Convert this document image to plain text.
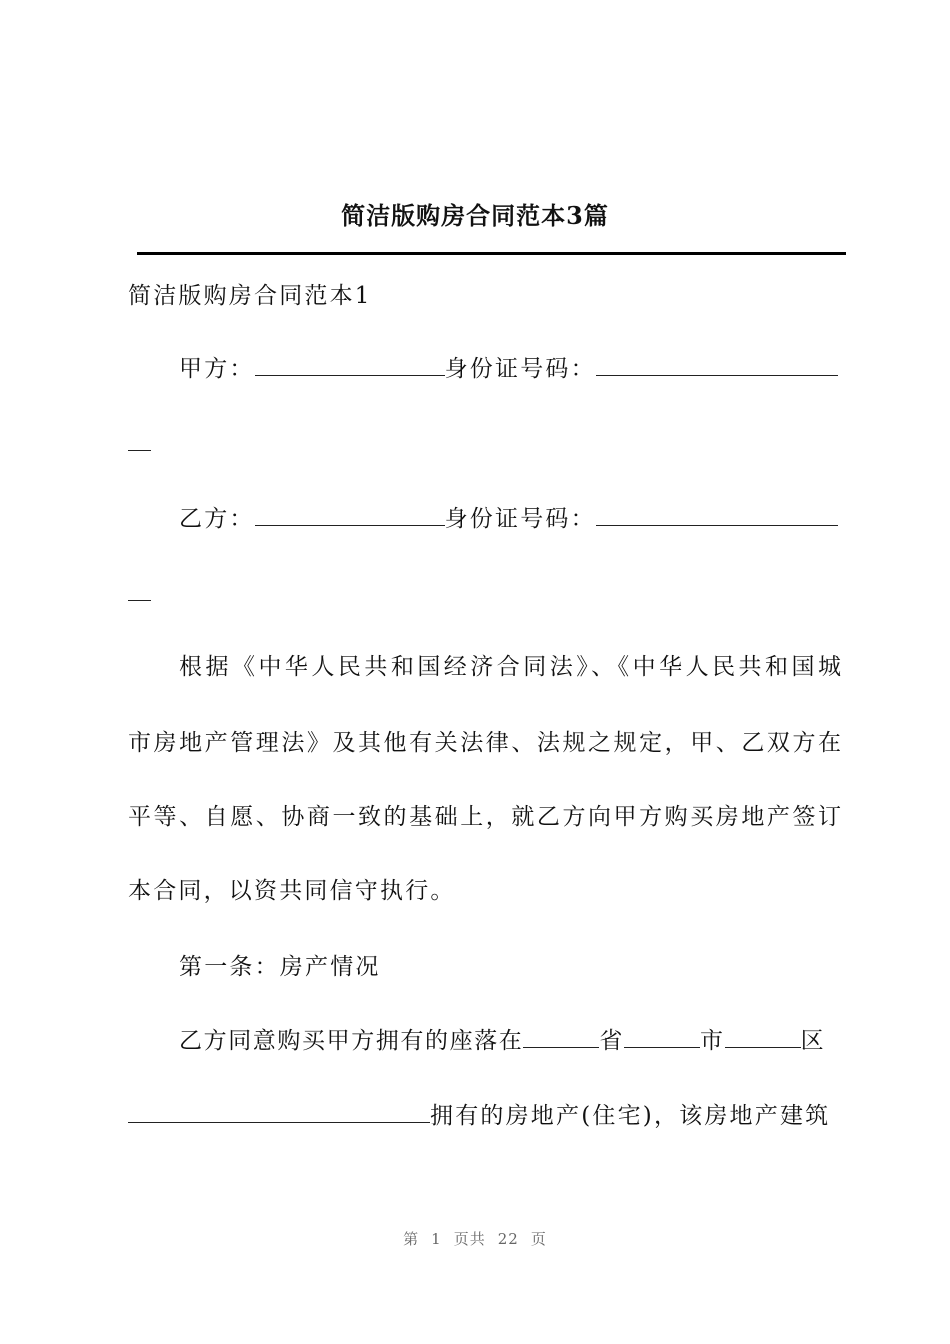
简洁版购房合同范本3篇
简洁版购房合同范本1
甲方：	身份证号码：
乙方：	身份证号码：
根据《中华人民共和国经济合同法》、《中华人民共和国城
市房地产管理法》及其他有关法律、法规之规定，甲、乙双方在
平等、自愿、协商一致的基础上，就乙方向甲方购买房地产签订
本合同，以资共同信守执行。
第一条：房产情况
乙方同意购买甲方拥有的座落在	省	市	区
拥有的房地产(住宅)，该房地产建筑
第 1 页共 22 页
